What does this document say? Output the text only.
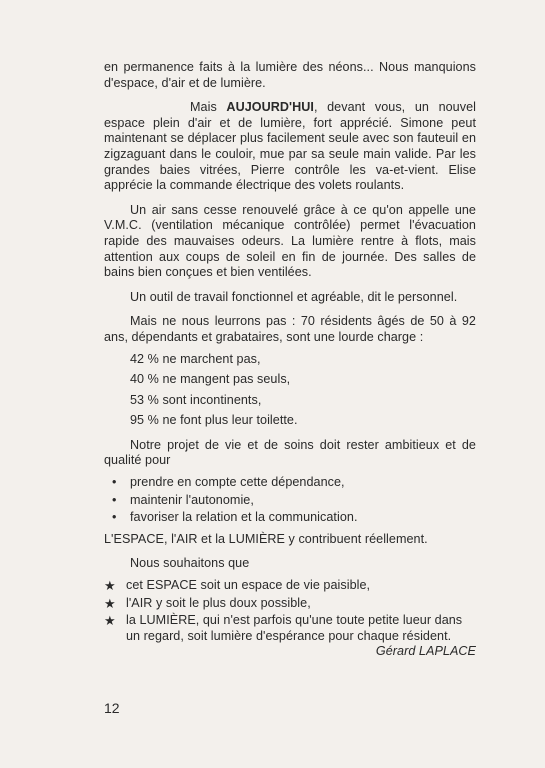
en permanence faits à la lumière des néons... Nous manquions d'espace, d'air et de lumière.

Mais AUJOURD'HUI, devant vous, un nouvel espace plein d'air et de lumière, fort apprécié. Simone peut maintenant se déplacer plus facilement seule avec son fauteuil en zigzaguant dans le couloir, mue par sa seule main valide. Par les grandes baies vitrées, Pierre contrôle les va-et-vient. Elise apprécie la commande électrique des volets roulants.

Un air sans cesse renouvelé grâce à ce qu'on appelle une V.M.C. (ventilation mécanique contrôlée) permet l'évacuation rapide des mauvaises odeurs. La lumière rentre à flots, mais attention aux coups de soleil en fin de journée. Des salles de bains bien conçues et bien ventilées.

Un outil de travail fonctionnel et agréable, dit le personnel.

Mais ne nous leurrons pas : 70 résidents âgés de 50 à 92 ans, dépendants et grabataires, sont une lourde charge :

42 % ne marchent pas,

40 % ne mangent pas seuls,

53 % sont incontinents,

95 % ne font plus leur toilette.

Notre projet de vie et de soins doit rester ambitieux et de qualité pour

• prendre en compte cette dépendance,
• maintenir l'autonomie,
• favoriser la relation et la communication.

L'ESPACE, l'AIR et la LUMIÈRE y contribuent réellement.

Nous souhaitons que

★ cet ESPACE soit un espace de vie paisible,
★ l'AIR y soit le plus doux possible,
★ la LUMIÈRE, qui n'est parfois qu'une toute petite lueur dans un regard, soit lumière d'espérance pour chaque résident.

Gérard LAPLACE

12
